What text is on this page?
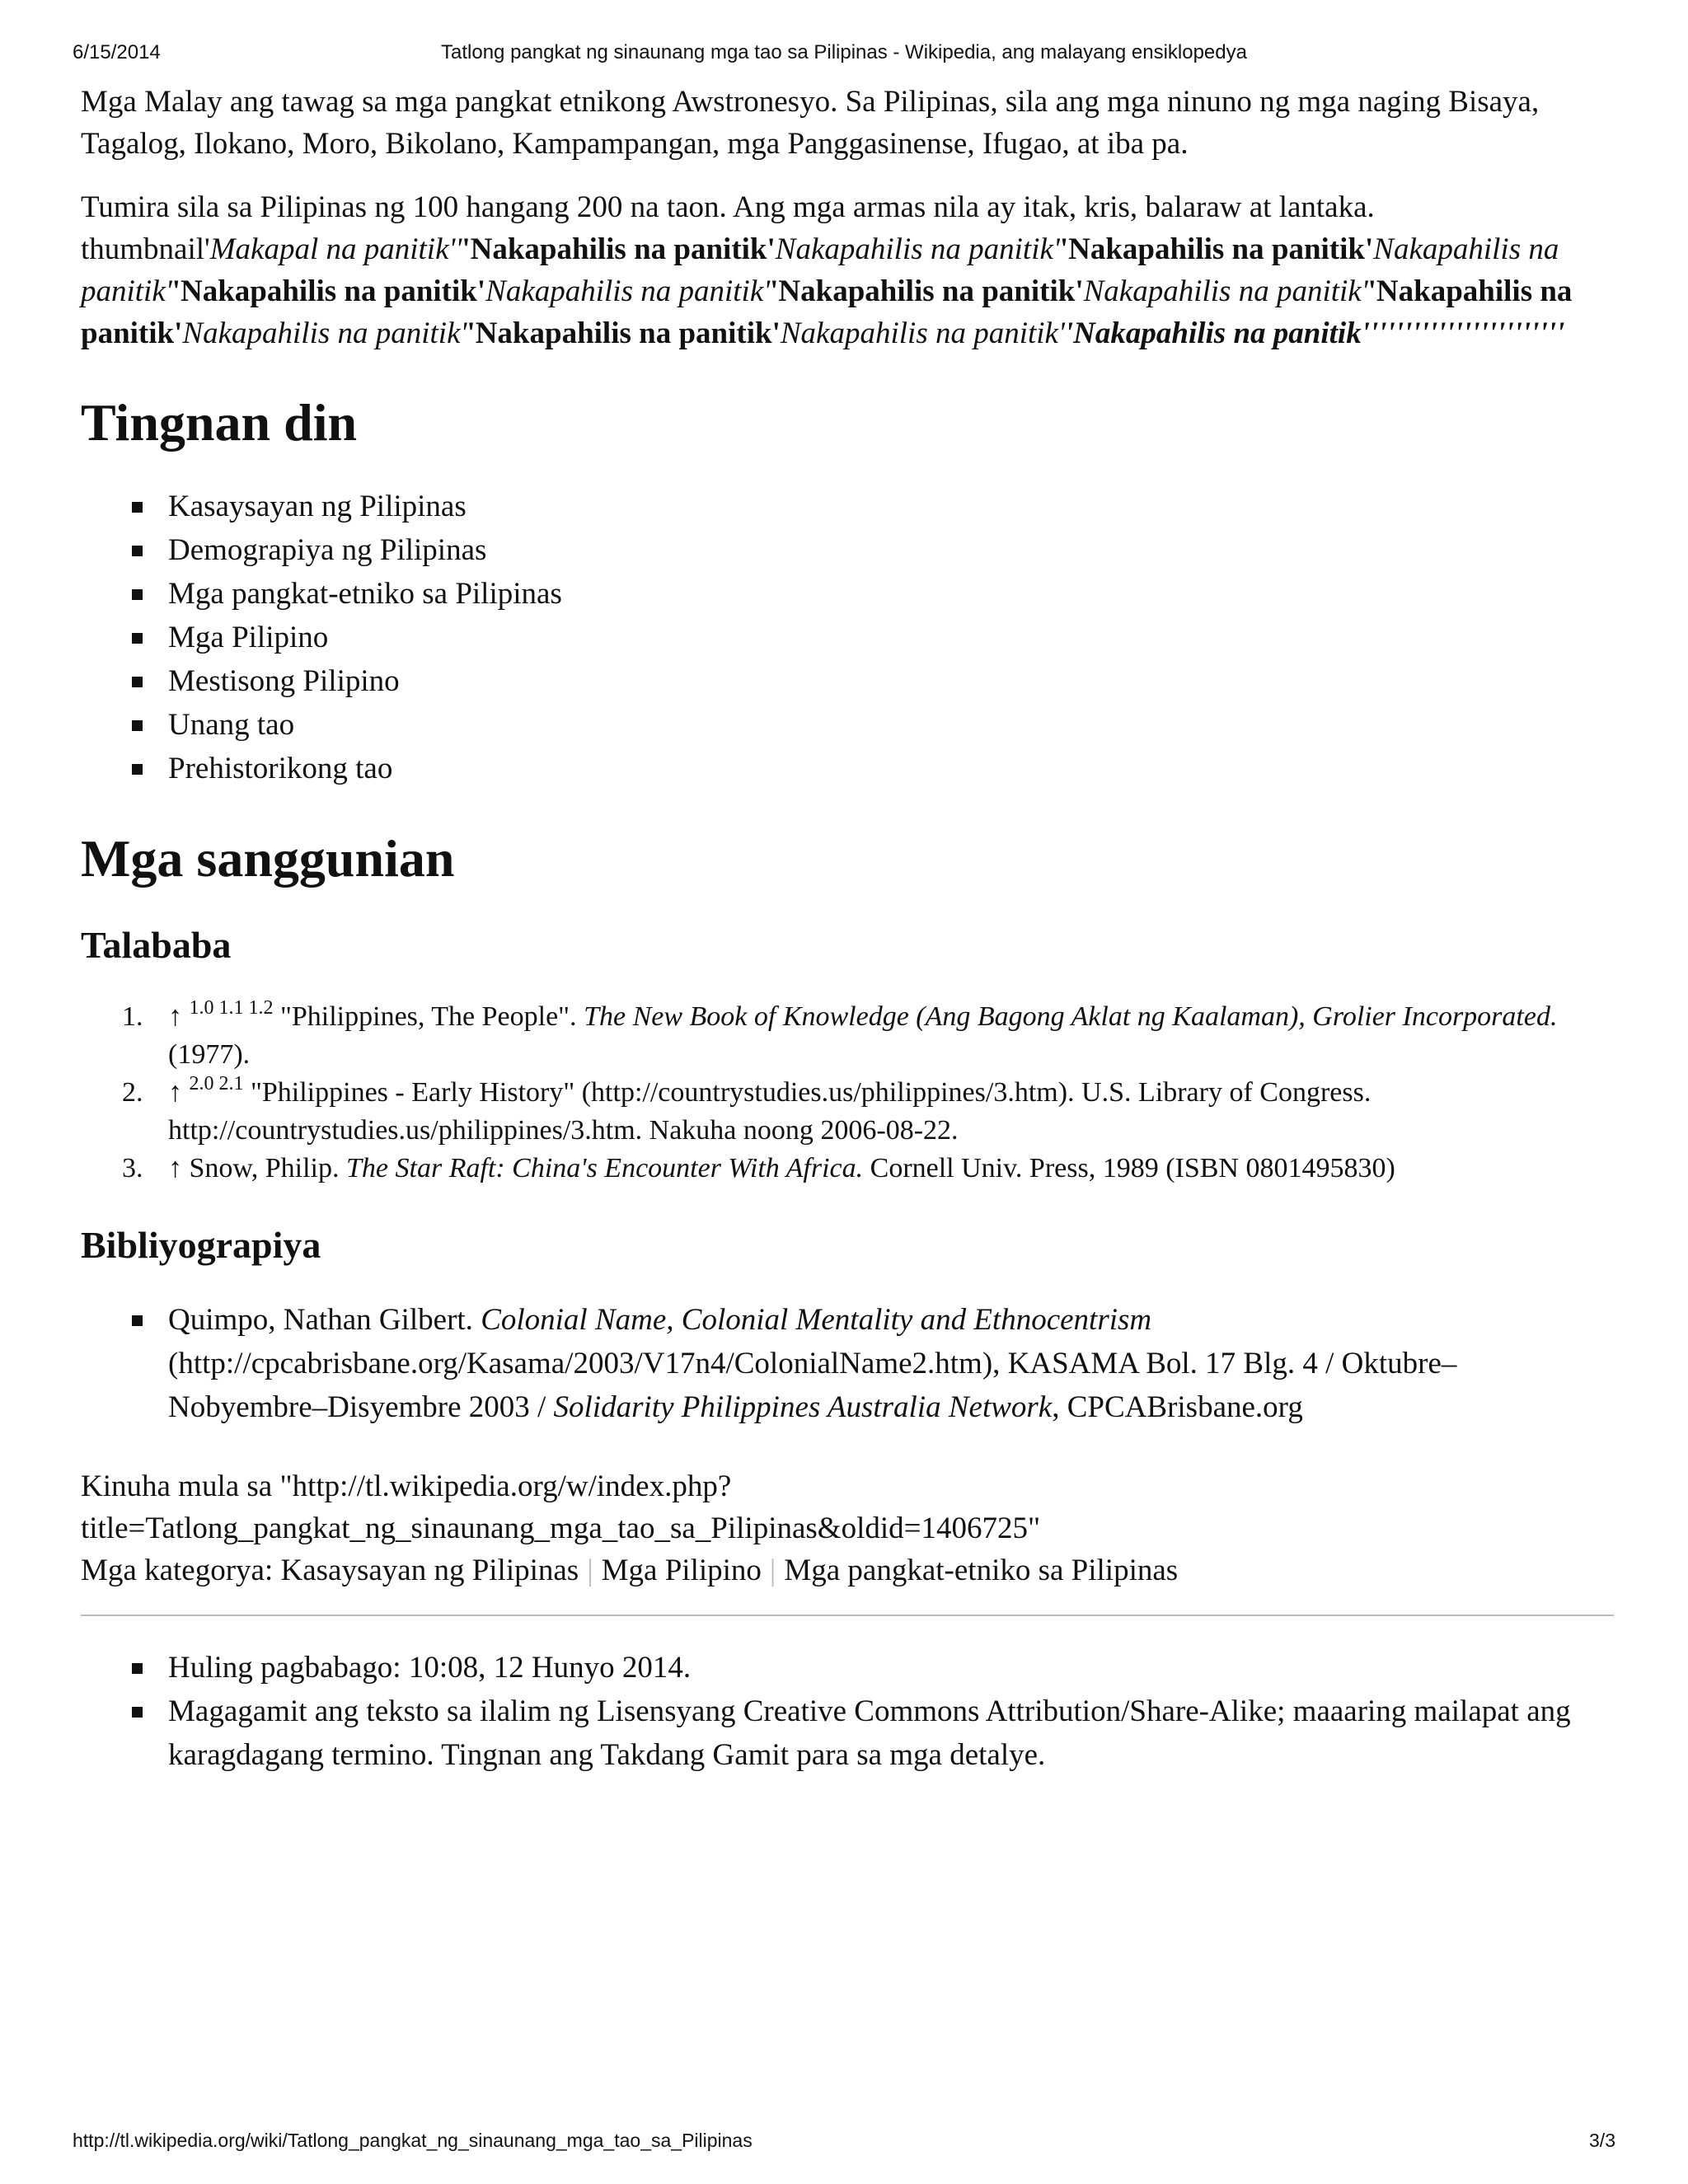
6/15/2014	Tatlong pangkat ng sinaunang mga tao sa Pilipinas - Wikipedia, ang malayang ensiklopedya

Mga Malay ang tawag sa mga pangkat etnikong Awstronesyo. Sa Pilipinas, sila ang mga ninuno ng mga naging Bisaya, Tagalog, Ilokano, Moro, Bikolano, Kampampangan, mga Panggasinense, Ifugao, at iba pa.

Tumira sila sa Pilipinas ng 100 hangang 200 na taon. Ang mga armas nila ay itak, kris, balaraw at lantaka. thumbnail'Makapal na panitik'''Nakapahilis na panitik'Nakapahilis na panitik''Nakapahilis na panitik'Nakapahilis na panitik''Nakapahilis na panitik'Nakapahilis na panitik''Nakapahilis na panitik'Nakapahilis na panitik''Nakapahilis na panitik'Nakapahilis na panitik''Nakapahilis na panitik'Nakapahilis na panitik''Nakapahilis na panitik''''''''''''''''''''''''

Tingnan din
Kasaysayan ng Pilipinas
Demograpiya ng Pilipinas
Mga pangkat-etniko sa Pilipinas
Mga Pilipino
Mestisong Pilipino
Unang tao
Prehistorikong tao
Mga sanggunian
Talababa
1. ↑ $^{1.0 1.1 1.2}$ "Philippines, The People". The New Book of Knowledge (Ang Bagong Aklat ng Kaalaman), Grolier Incorporated. (1977).
2. ↑ $^{2.0 2.1}$ "Philippines - Early History" (http://countrystudies.us/philippines/3.htm). U.S. Library of Congress. http://countrystudies.us/philippines/3.htm. Nakuha noong 2006-08-22.
3. ↑ Snow, Philip. The Star Raft: China's Encounter With Africa. Cornell Univ. Press, 1989 (ISBN 0801495830)
Bibliyograpiya
Quimpo, Nathan Gilbert. Colonial Name, Colonial Mentality and Ethnocentrism (http://cpcabrisbane.org/Kasama/2003/V17n4/ColonialName2.htm), KASAMA Bol. 17 Blg. 4 / Oktubre–Nobyembre–Disyembre 2003 / Solidarity Philippines Australia Network, CPCABrisbane.org
Kinuha mula sa "http://tl.wikipedia.org/w/index.php?
title=Tatlong_pangkat_ng_sinaunang_mga_tao_sa_Pilipinas&oldid=1406725"
Mga kategorya: Kasaysayan ng Pilipinas | Mga Pilipino | Mga pangkat-etniko sa Pilipinas
Huling pagbabago: 10:08, 12 Hunyo 2014.
Magagamit ang teksto sa ilalim ng Lisensyang Creative Commons Attribution/Share-Alike; maaaring mailapat ang karagdagang termino. Tingnan ang Takdang Gamit para sa mga detalye.
http://tl.wikipedia.org/wiki/Tatlong_pangkat_ng_sinaunang_mga_tao_sa_Pilipinas	3/3
